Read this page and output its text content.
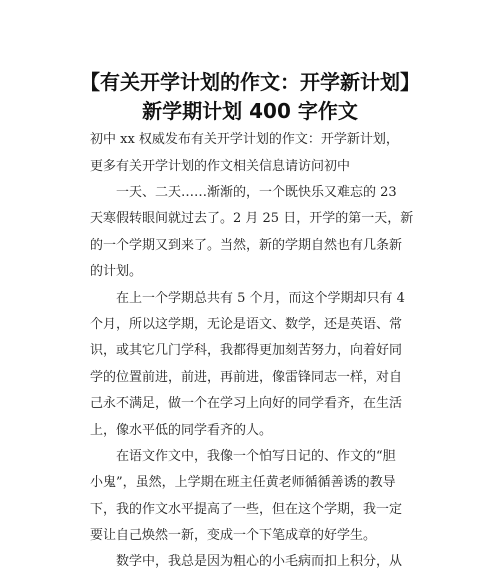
【有关开学计划的作文：开学新计划】
新学期计划 400 字作文
初中 xx 权威发布有关开学计划的作文：开学新计划，
更多有关开学计划的作文相关信息请访问初中
　　一天、二天……渐渐的，一个既快乐又难忘的 23
天寒假转眼间就过去了。2 月 25 日，开学的第一天，新
的一个学期又到来了。当然，新的学期自然也有几条新
的计划。
　　在上一个学期总共有 5 个月，而这个学期却只有 4
个月，所以这学期，无论是语文、数学，还是英语、常
识，或其它几门学科，我都得更加刻苦努力，向着好同
学的位置前进，前进，再前进，像雷锋同志一样，对自
己永不满足，做一个在学习上向好的同学看齐，在生活
上，像水平低的同学看齐的人。
　　在语文作文中，我像一个怕写日记的、作文的“胆
小鬼”，虽然，上学期在班主任黄老师循循善诱的教导
下，我的作文水平提高了一些，但在这个学期，我一定
要让自己焕然一新，变成一个下笔成章的好学生。
　　数学中，我总是因为粗心的小毛病而扣上积分，从
